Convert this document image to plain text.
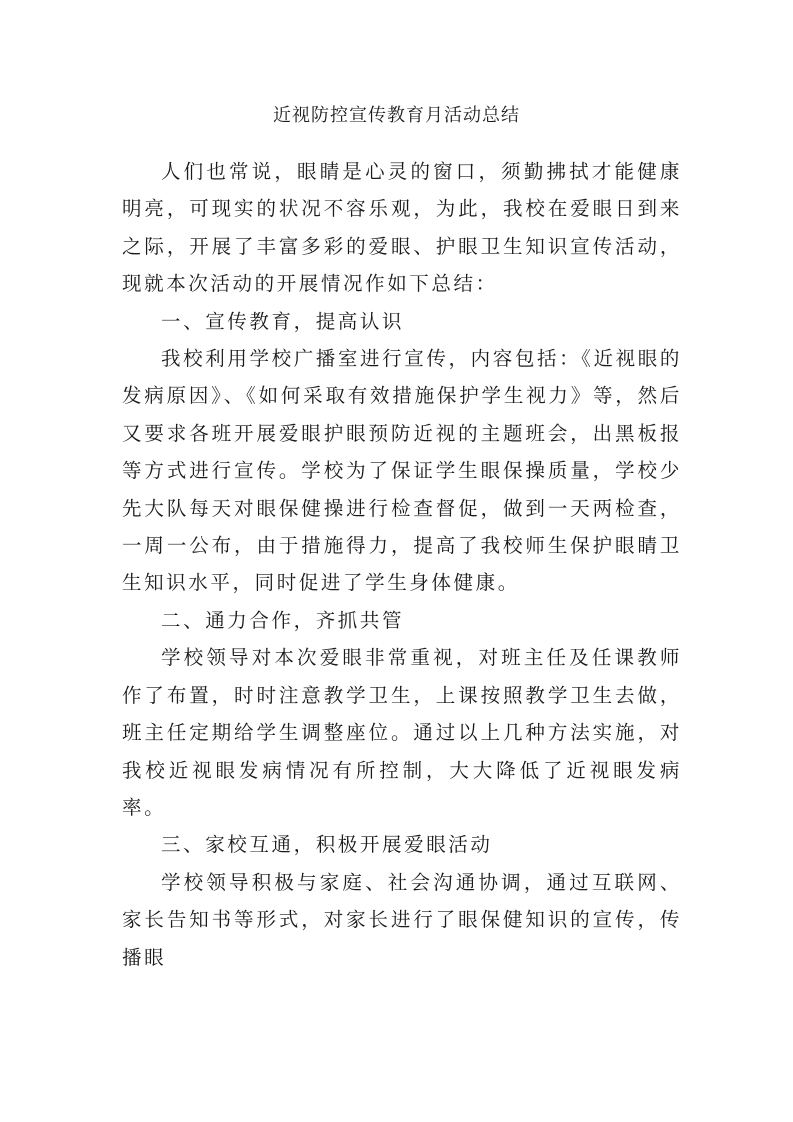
近视防控宣传教育月活动总结

人们也常说，眼睛是心灵的窗口，须勤拂拭才能健康明亮，可现实的状况不容乐观，为此，我校在爱眼日到来之际，开展了丰富多彩的爱眼、护眼卫生知识宣传活动，现就本次活动的开展情况作如下总结：

一、宣传教育，提高认识

我校利用学校广播室进行宣传，内容包括：《近视眼的发病原因》、《如何采取有效措施保护学生视力》等，然后又要求各班开展爱眼护眼预防近视的主题班会，出黑板报等方式进行宣传。学校为了保证学生眼保操质量，学校少先大队每天对眼保健操进行检查督促，做到一天两检查，一周一公布，由于措施得力，提高了我校师生保护眼睛卫生知识水平，同时促进了学生身体健康。

二、通力合作，齐抓共管

学校领导对本次爱眼非常重视，对班主任及任课教师作了布置，时时注意教学卫生，上课按照教学卫生去做，班主任定期给学生调整座位。通过以上几种方法实施，对我校近视眼发病情况有所控制，大大降低了近视眼发病率。

三、家校互通，积极开展爱眼活动

学校领导积极与家庭、社会沟通协调，通过互联网、家长告知书等形式，对家长进行了眼保健知识的宣传，传播眼
